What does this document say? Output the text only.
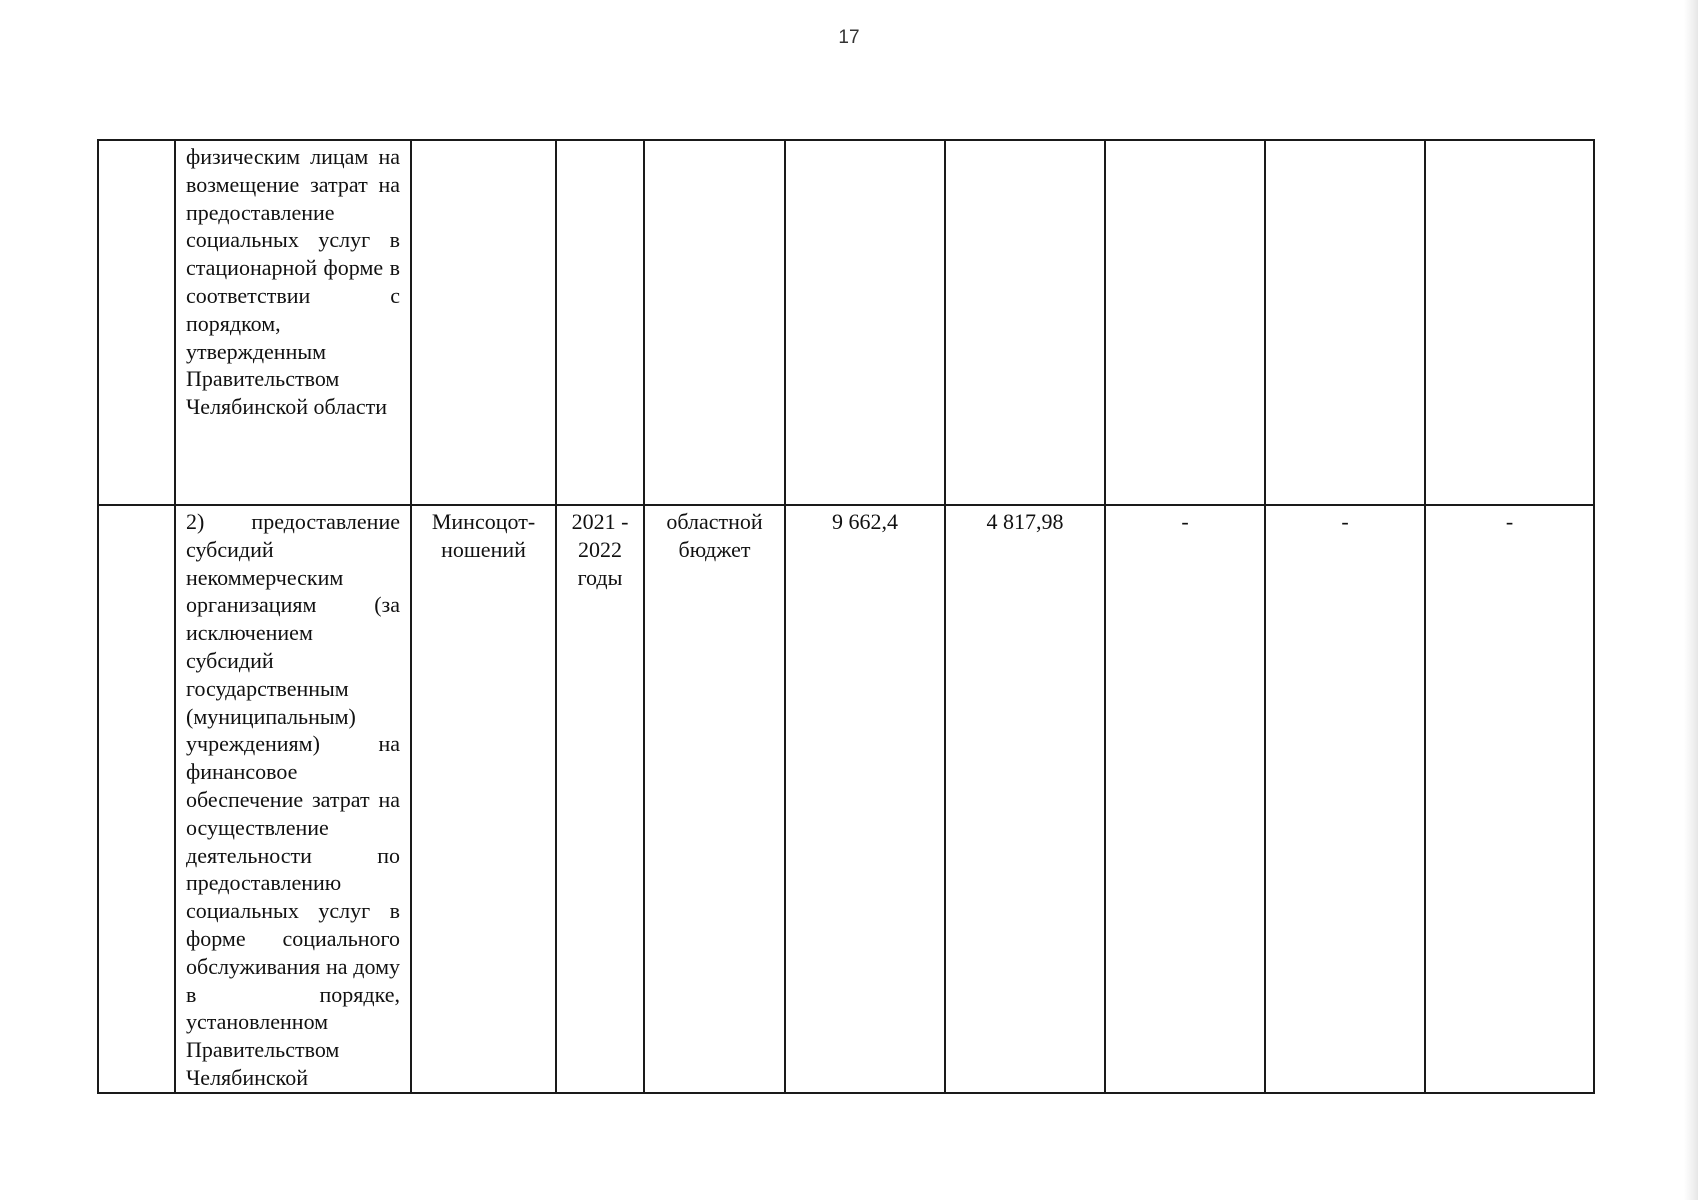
17
	физическим лицам на возмещение затрат на предоставление социальных услуг в стационарной форме в соответствии с порядком, утвержденным Правительством Челябинской области								
	2) предоставление субсидий некоммерческим организациям (за исключением субсидий государственным (муниципальным) учреждениям) на финансовое обеспечение затрат на осуществление деятельности по предоставлению социальных услуг в форме социального обслуживания на дому в порядке, установленном Правительством Челябинской	Минсоцот-ношений	2021 - 2022 годы	областной бюджет	9 662,4	4 817,98	-	-	-
